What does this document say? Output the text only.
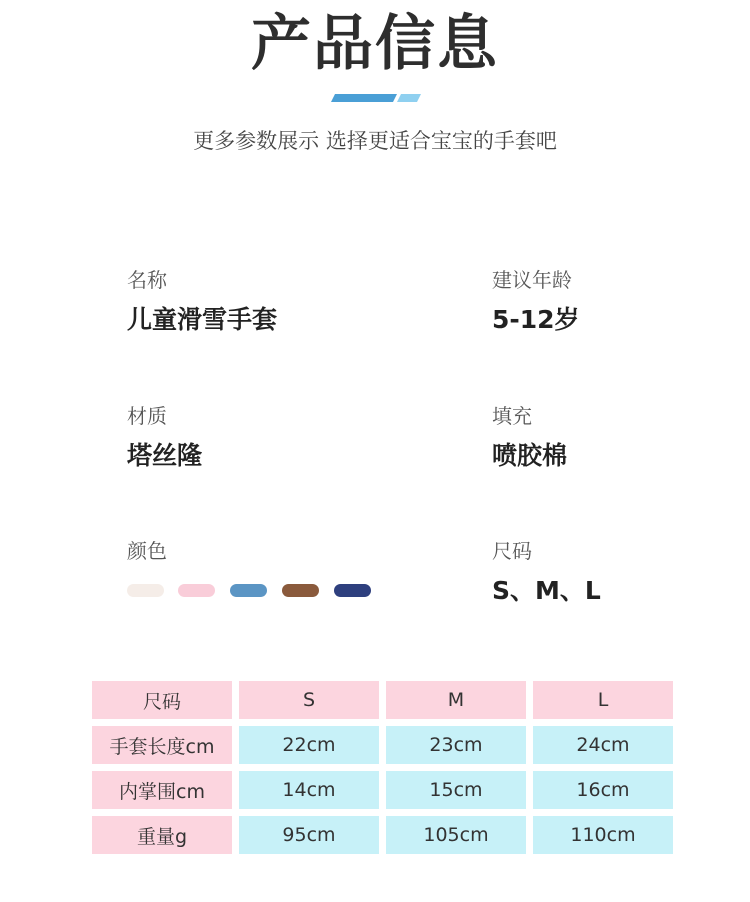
产品信息
更多参数展示 选择更适合宝宝的手套吧
名称
儿童滑雪手套
建议年龄
5-12岁
材质
塔丝隆
填充
喷胶棉
颜色	尺码
S、M、L
尺码	S	M	L
手套长度cm	22cm	23cm	24cm
内掌围cm	14cm	15cm	16cm
重量g	95cm	105cm	110cm
